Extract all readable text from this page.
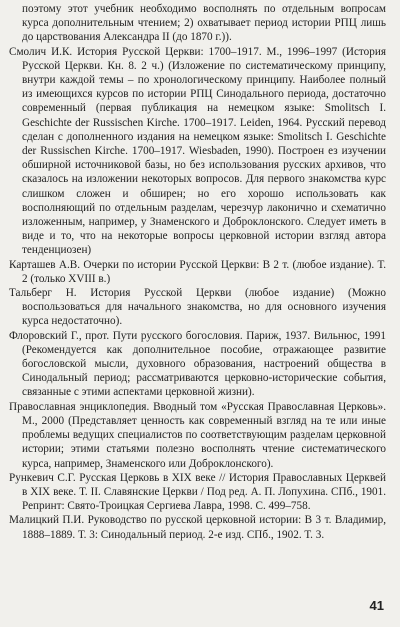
поэтому этот учебник необходимо восполнять по отдельным вопросам курса дополнительным чтением; 2) охватывает период истории РПЦ лишь до царствования Александра II (до 1870 г.)).

Смолич И.К. История Русской Церкви: 1700–1917. М., 1996–1997 (История Русской Церкви. Кн. 8. 2 ч.) (Изложение по систематическому принципу, внутри каждой темы – по хронологическому принципу. Наиболее полный из имеющихся курсов по истории РПЦ Синодального периода, достаточно современный (первая публикация на немецком языке: Smolitsch I. Geschichte der Russischen Kirche. 1700–1917. Leiden, 1964. Русский перевод сделан с дополненного издания на немецком языке: Smolitsch I. Geschichte der Russischen Kirche. 1700–1917. Wiesbaden, 1990). Построен ез изучении обширной источниковой базы, но без использования русских архивов, что сказалось на изложении некоторых вопросов. Для первого знакомства курс слишком сложен и обширен; но его хорошо использовать как восполняющий по отдельным разделам, черезчур лаконично и схематично изложенным, например, у Знаменского и Доброклонского. Следует иметь в виде и то, что на некоторые вопросы церковной истории взгляд автора тенденциозен)

Карташев А.В. Очерки по истории Русской Церкви: В 2 т. (любое издание). Т. 2 (только XVIII в.)

Тальберг Н. История Русской Церкви (любое издание) (Можно воспользоваться для начального знакомства, но для основного изучения курса недостаточно).

Флоровский Г., прот. Пути русского богословия. Париж, 1937. Вильнюс, 1991 (Рекомендуется как дополнительное пособие, отражающее развитие богословской мысли, духовного образования, настроений общества в Синодальный период; рассматриваются церковно-исторические события, связанные с этими аспектами церковной жизни).

Православная энциклопедия. Вводный том «Русская Православная Церковь». М., 2000 (Представляет ценность как современный взгляд на те или иные проблемы ведущих специалистов по соответствующим разделам церковной истории; этими статьями полезно восполнять чтение систематического курса, например, Знаменского или Доброклонского).

Рункевич С.Г. Русская Церковь в XIX веке // История Православных Церквей в XIX веке. Т. II. Славянские Церкви / Под ред. А. П. Лопухина. СПб., 1901. Репринт: Свято-Троицкая Сергиева Лавра, 1998. С. 499–758.

Малицкий П.И. Руководство по русской церковной истории: В 3 т. Владимир, 1888–1889. Т. 3: Синодальный период. 2-е изд. СПб., 1902. Т. 3.

41
